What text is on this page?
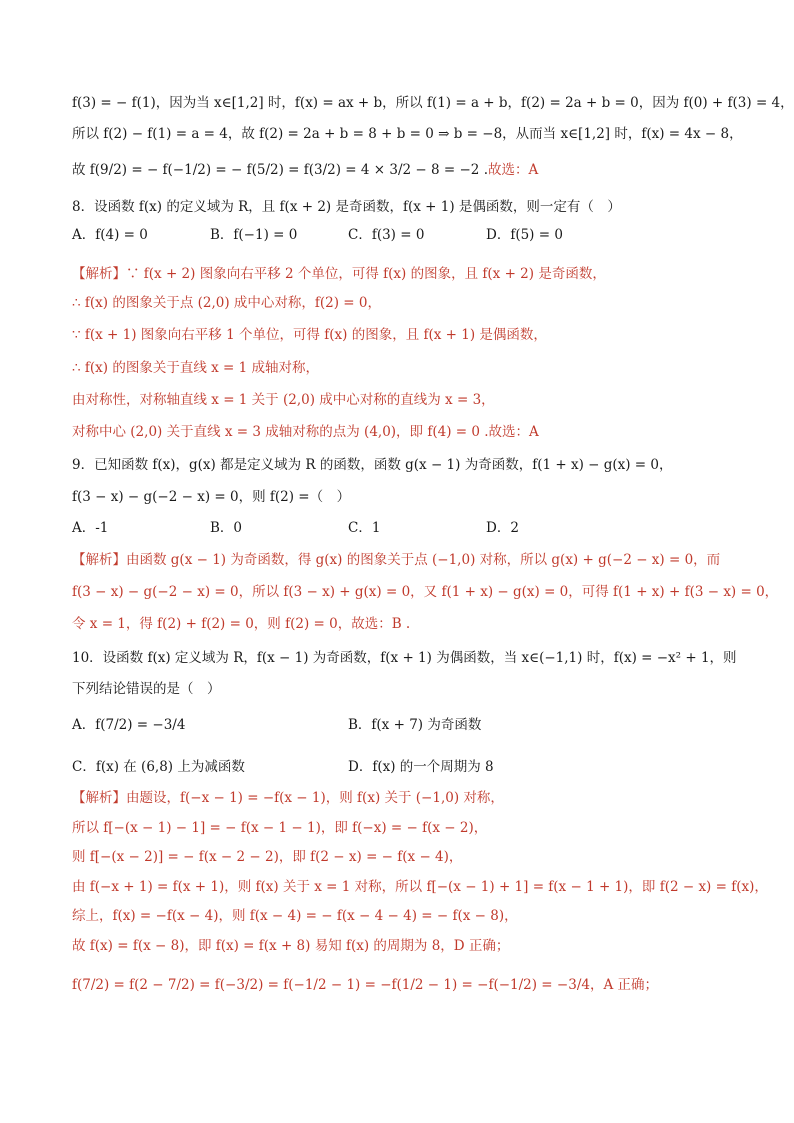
f(3) = − f(1)，因为当 x∈[1,2] 时，f(x) = ax + b，所以 f(1) = a + b，f(2) = 2a + b = 0，因为 f(0) + f(3) = 4，
所以 f(2) − f(1) = a = 4，故 f(2) = 2a + b = 8 + b = 0 ⇒ b = −8，从而当 x∈[1,2] 时，f(x) = 4x − 8，
故 f(9/2) = − f(−1/2) = − f(5/2) = f(3/2) = 4 × 3/2 − 8 = −2 .故选：A
8．设函数 f(x) 的定义域为 R，且 f(x + 2) 是奇函数，f(x + 1) 是偶函数，则一定有（　）
【解析】∵ f(x + 2) 图象向右平移 2 个单位，可得 f(x) 的图象，且 f(x + 2) 是奇函数，
∴ f(x) 的图象关于点 (2,0) 成中心对称，f(2) = 0，
∵ f(x + 1) 图象向右平移 1 个单位，可得 f(x) 的图象，且 f(x + 1) 是偶函数，
∴ f(x) 的图象关于直线 x = 1 成轴对称，
由对称性，对称轴直线 x = 1 关于 (2,0) 成中心对称的直线为 x = 3，
对称中心 (2,0) 关于直线 x = 3 成轴对称的点为 (4,0)，即 f(4) = 0 .故选：A
9．已知函数 f(x)，g(x) 都是定义域为 R 的函数，函数 g(x − 1) 为奇函数，f(1 + x) − g(x) = 0，
f(3 − x) − g(−2 − x) = 0，则 f(2) =（　）
【解析】由函数 g(x − 1) 为奇函数，得 g(x) 的图象关于点 (−1,0) 对称，所以 g(x) + g(−2 − x) = 0，而
f(3 − x) − g(−2 − x) = 0，所以 f(3 − x) + g(x) = 0，又 f(1 + x) − g(x) = 0，可得 f(1 + x) + f(3 − x) = 0，
令 x = 1，得 f(2) + f(2) = 0，则 f(2) = 0，故选：B .
10．设函数 f(x) 定义域为 R，f(x − 1) 为奇函数，f(x + 1) 为偶函数，当 x∈(−1,1) 时，f(x) = −x² + 1，则
下列结论错误的是（　）
【解析】由题设，f(−x − 1) = −f(x − 1)，则 f(x) 关于 (−1,0) 对称，
所以 f[−(x − 1) − 1] = − f(x − 1 − 1)，即 f(−x) = − f(x − 2)，
则 f[−(x − 2)] = − f(x − 2 − 2)，即 f(2 − x) = − f(x − 4)，
由 f(−x + 1) = f(x + 1)，则 f(x) 关于 x = 1 对称，所以 f[−(x − 1) + 1] = f(x − 1 + 1)，即 f(2 − x) = f(x)，
综上，f(x) = −f(x − 4)，则 f(x − 4) = − f(x − 4 − 4) = − f(x − 8)，
故 f(x) = f(x − 8)，即 f(x) = f(x + 8) 易知 f(x) 的周期为 8，D 正确；
f(7/2) = f(2 − 7/2) = f(−3/2) = f(−1/2 − 1) = −f(1/2 − 1) = −f(−1/2) = −3/4，A 正确；
A．f(4) = 0	B．f(−1) = 0	C．f(3) = 0	D．f(5) = 0
A．-1	B．0	C．1	D．2
A．f(7/2) = −3/4	B．f(x + 7) 为奇函数
C．f(x) 在 (6,8) 上为减函数	D．f(x) 的一个周期为 8
